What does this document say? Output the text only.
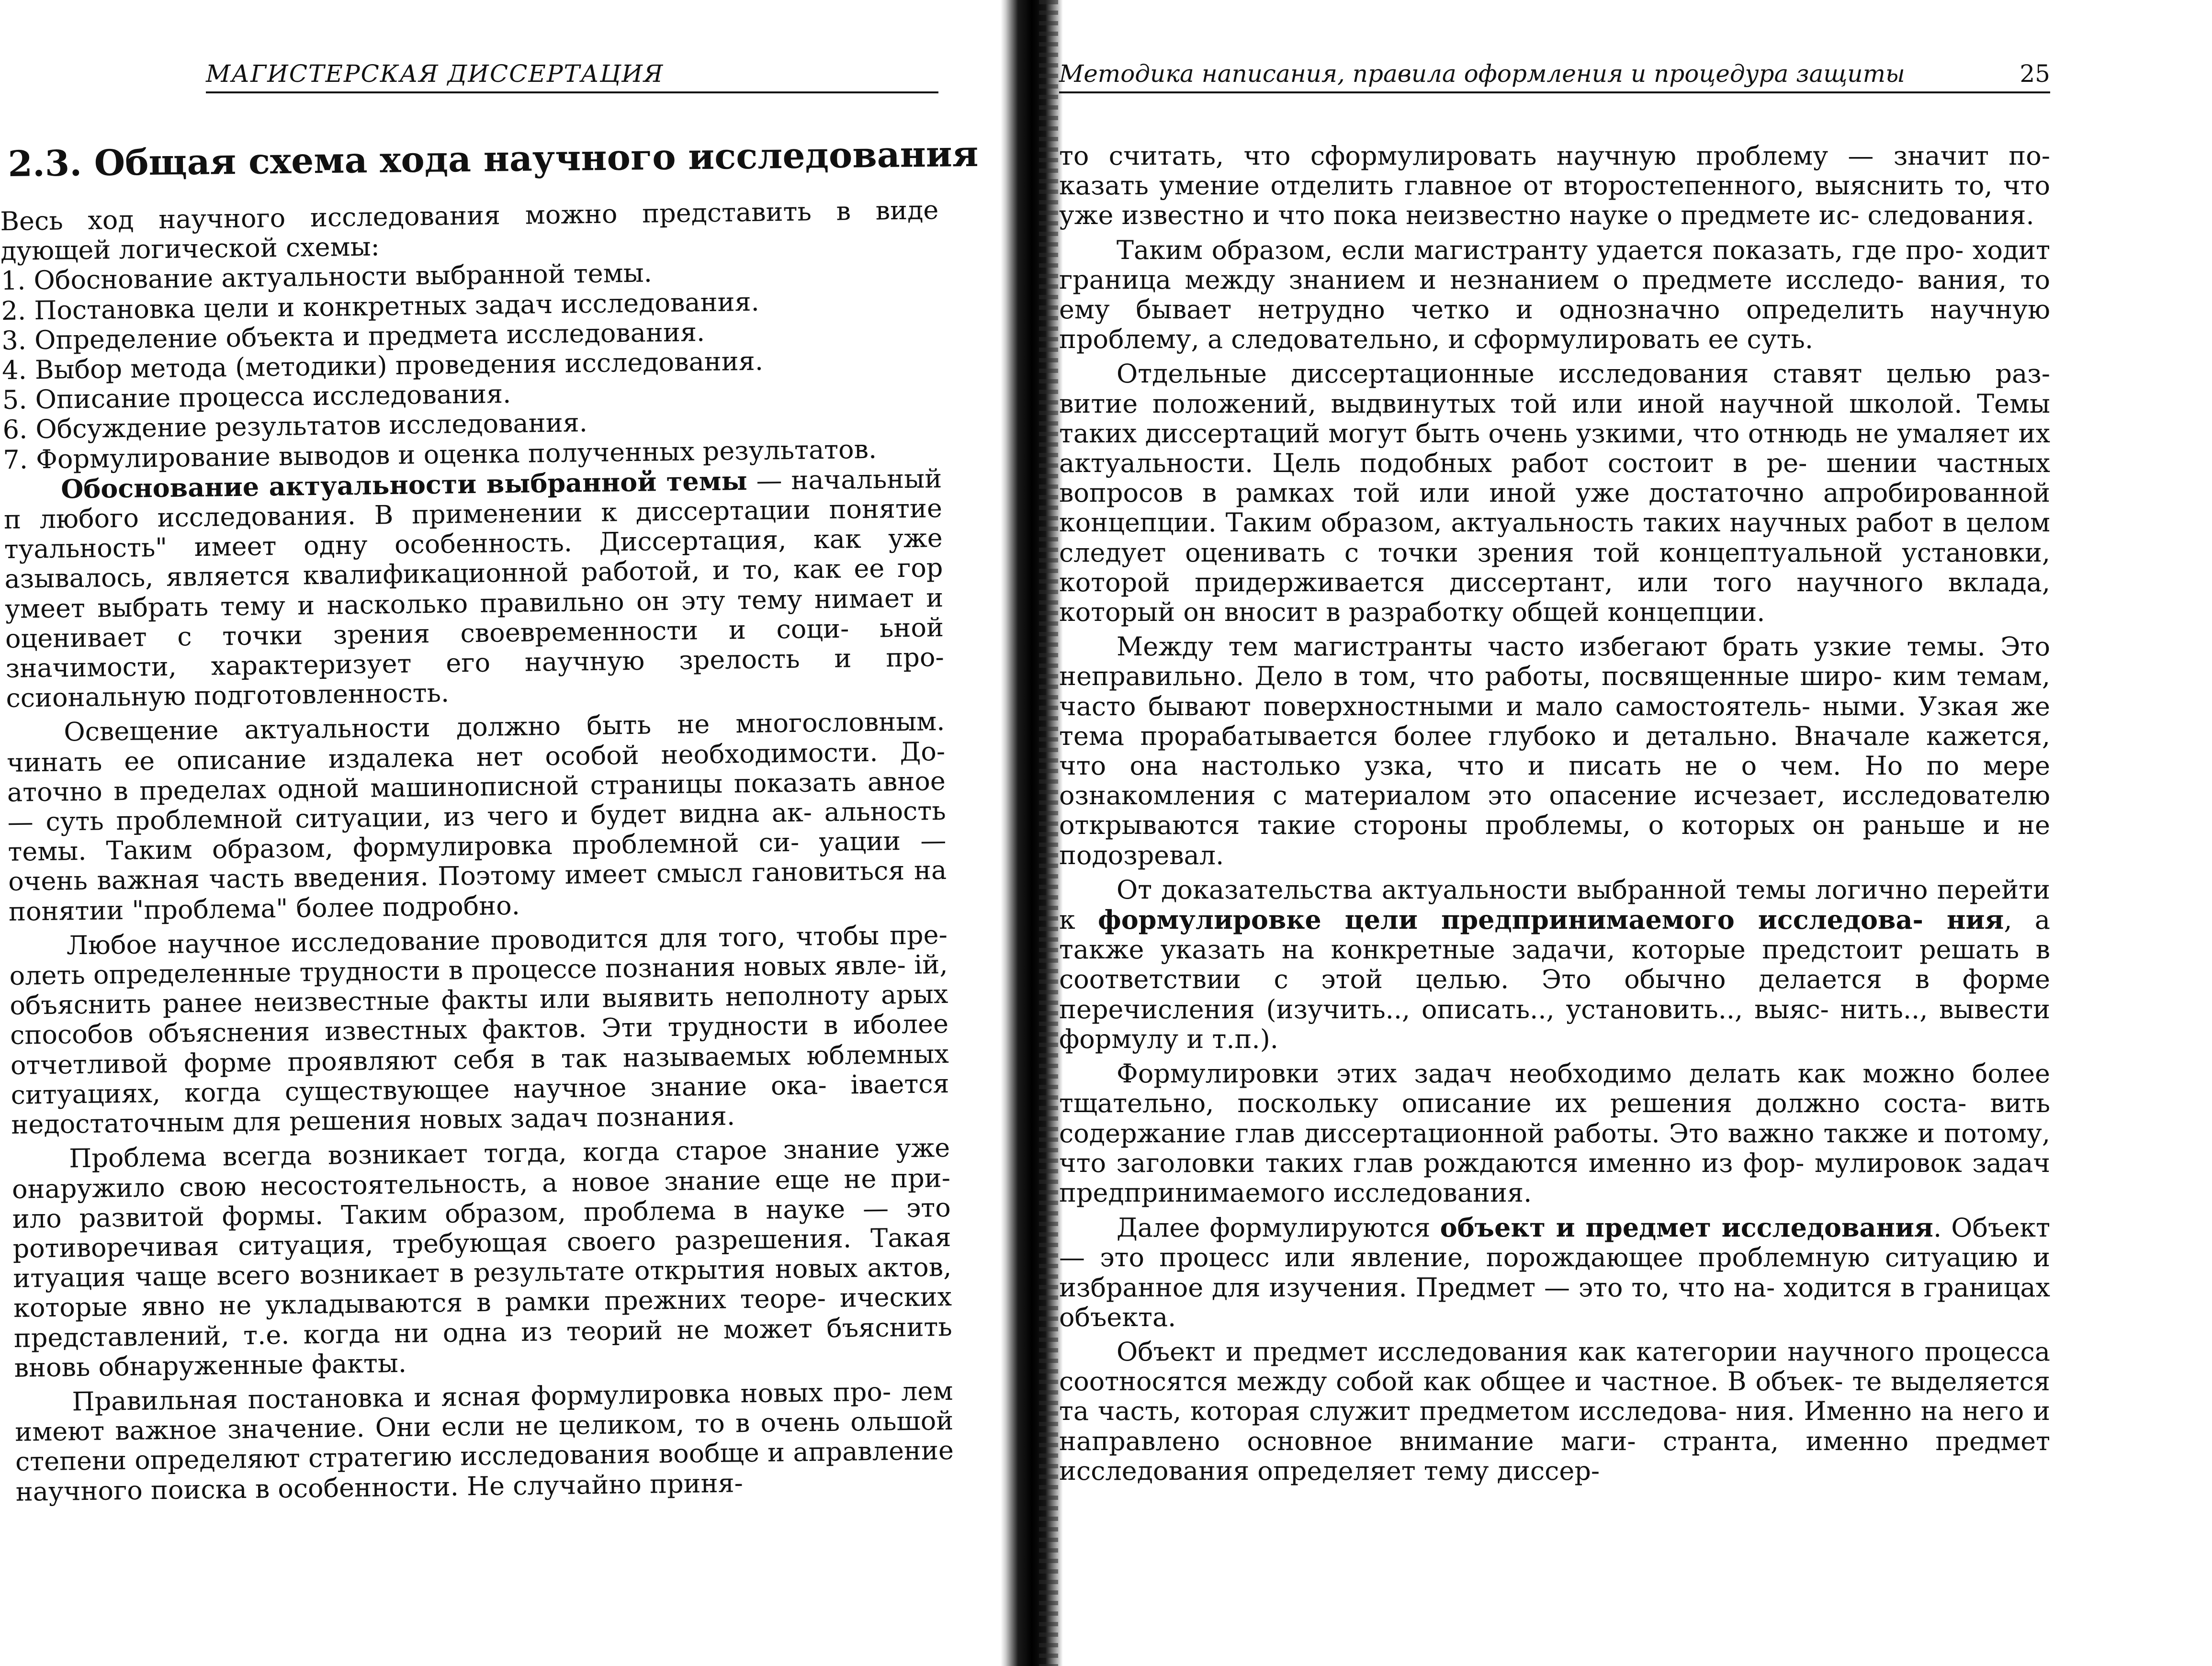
МАГИСТЕРСКАЯ ДИССЕРТАЦИЯ
2.3. Общая схема хода научного исследования

Весь ход научного исследования можно представить в виде дующей логической схемы:

1. Обоснование актуальности выбранной темы.

2. Постановка цели и конкретных задач исследования.

3. Определение объекта и предмета исследования.

4. Выбор метода (методики) проведения исследования.

5. Описание процесса исследования.

6. Обсуждение результатов исследования.

7. Формулирование выводов и оценка полученных результатов.

Обоснование актуальности выбранной темы — начальный п любого исследования. В применении к диссертации понятие туальность" имеет одну особенность. Диссертация, как уже азывалось, является квалификационной работой, и то, как ее гор умеет выбрать тему и насколько правильно он эту тему нимает и оценивает с точки зрения своевременности и соци- ьной значимости, характеризует его научную зрелость и про- ссиональную подготовленность.

Освещение актуальности должно быть не многословным. чинать ее описание издалека нет особой необходимости. До- аточно в пределах одной машинописной страницы показать авное — суть проблемной ситуации, из чего и будет видна ак- альность темы. Таким образом, формулировка проблемной си- уации — очень важная часть введения. Поэтому имеет смысл гановиться на понятии "проблема" более подробно.

Любое научное исследование проводится для того, чтобы пре- олеть определенные трудности в процессе познания новых явле- ій, объяснить ранее неизвестные факты или выявить неполноту арых способов объяснения известных фактов. Эти трудности в иболее отчетливой форме проявляют себя в так называемых юблемных ситуациях, когда существующее научное знание ока- івается недостаточным для решения новых задач познания.

Проблема всегда возникает тогда, когда старое знание уже онаружило свою несостоятельность, а новое знание еще не при- ило развитой формы. Таким образом, проблема в науке — это ротиворечивая ситуация, требующая своего разрешения. Такая итуация чаще всего возникает в результате открытия новых актов, которые явно не укладываются в рамки прежних теоре- ических представлений, т.е. когда ни одна из теорий не может бъяснить вновь обнаруженные факты.

Правильная постановка и ясная формулировка новых про- лем имеют важное значение. Они если не целиком, то в очень ольшой степени определяют стратегию исследования вообще и аправление научного поиска в особенности. Не случайно приня-

Методика написания, правила оформления и процедура защиты	25

то считать, что сформулировать научную проблему — значит по- казать умение отделить главное от второстепенного, выяснить то, что уже известно и что пока неизвестно науке о предмете ис- следования.

Таким образом, если магистранту удается показать, где про- ходит граница между знанием и незнанием о предмете исследо- вания, то ему бывает нетрудно четко и однозначно определить научную проблему, а следовательно, и сформулировать ее суть.

Отдельные диссертационные исследования ставят целью раз- витие положений, выдвинутых той или иной научной школой. Темы таких диссертаций могут быть очень узкими, что отнюдь не умаляет их актуальности. Цель подобных работ состоит в ре- шении частных вопросов в рамках той или иной уже достаточно апробированной концепции. Таким образом, актуальность таких научных работ в целом следует оценивать с точки зрения той концептуальной установки, которой придерживается диссертант, или того научного вклада, который он вносит в разработку общей концепции.

Между тем магистранты часто избегают брать узкие темы. Это неправильно. Дело в том, что работы, посвященные широ- ким темам, часто бывают поверхностными и мало самостоятель- ными. Узкая же тема прорабатывается более глубоко и детально. Вначале кажется, что она настолько узка, что и писать не о чем. Но по мере ознакомления с материалом это опасение исчезает, исследователю открываются такие стороны проблемы, о которых он раньше и не подозревал.

От доказательства актуальности выбранной темы логично перейти к формулировке цели предпринимаемого исследова- ния, а также указать на конкретные задачи, которые предстоит решать в соответствии с этой целью. Это обычно делается в форме перечисления (изучить.., описать.., установить.., выяс- нить.., вывести формулу и т.п.).

Формулировки этих задач необходимо делать как можно более тщательно, поскольку описание их решения должно соста- вить содержание глав диссертационной работы. Это важно также и потому, что заголовки таких глав рождаются именно из фор- мулировок задач предпринимаемого исследования.

Далее формулируются объект и предмет исследования. Объект — это процесс или явление, порождающее проблемную ситуацию и избранное для изучения. Предмет — это то, что на- ходится в границах объекта.

Объект и предмет исследования как категории научного процесса соотносятся между собой как общее и частное. В объек- те выделяется та часть, которая служит предметом исследова- ния. Именно на него и направлено основное внимание маги- странта, именно предмет исследования определяет тему диссер-
